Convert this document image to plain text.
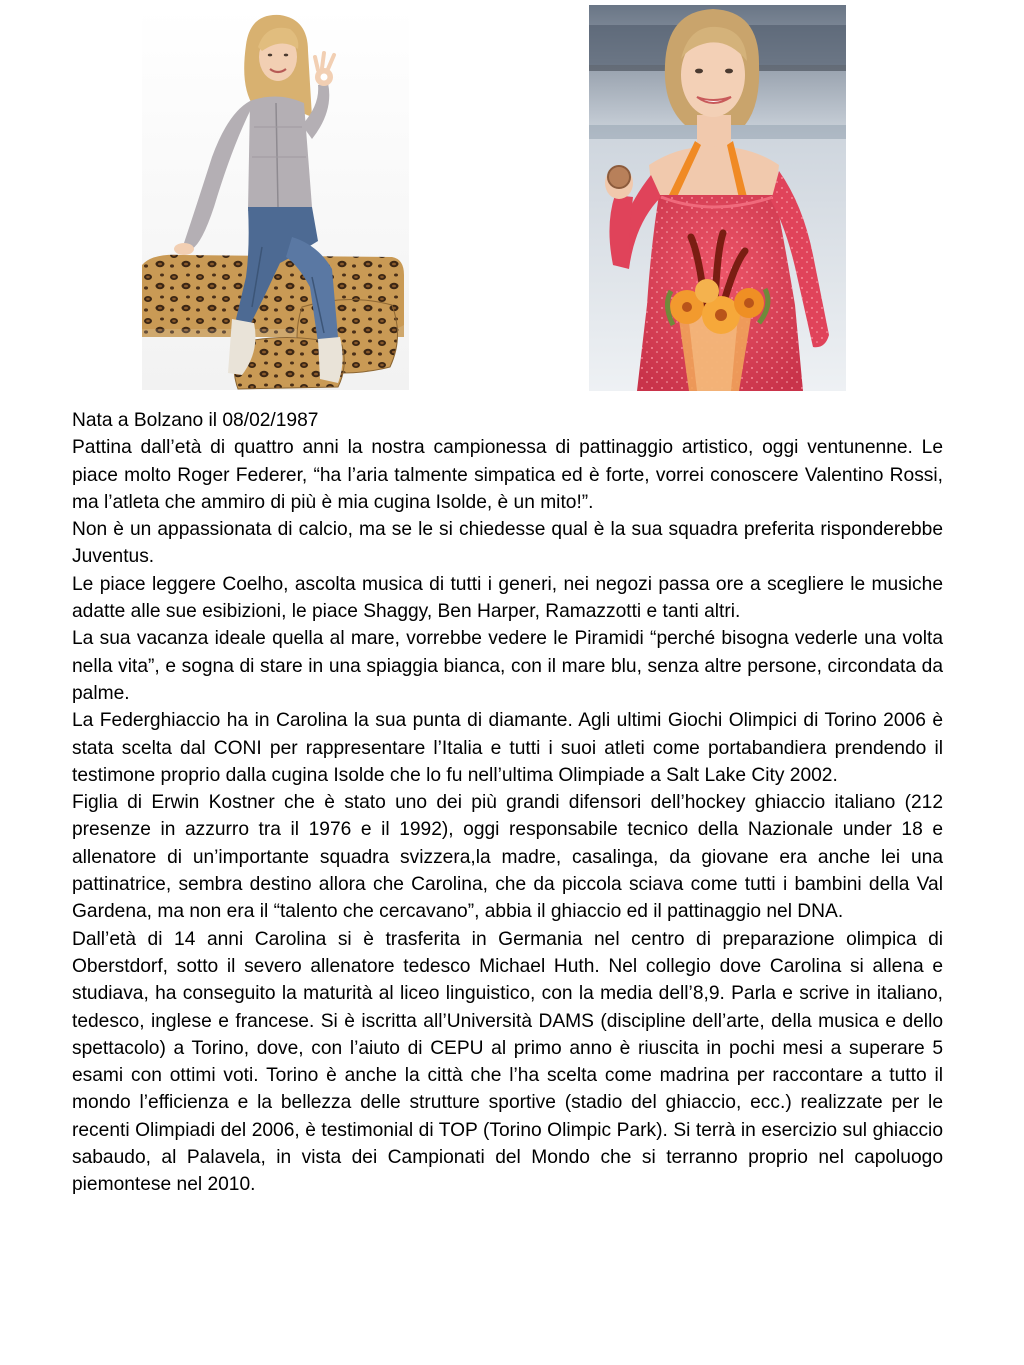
Nata a Bolzano il 08/02/1987

Pattina dall’età di quattro anni la nostra campionessa di pattinaggio artistico, oggi ventunenne. Le piace molto Roger Federer, “ha l’aria talmente simpatica ed è forte, vorrei conoscere Valentino Rossi, ma l’atleta che ammiro di più è mia cugina Isolde, è un mito!”.

Non è un appassionata di calcio, ma se le si chiedesse qual è la sua squadra preferita risponderebbe Juventus.

Le piace leggere Coelho, ascolta musica di tutti i generi, nei negozi passa ore a scegliere le musiche adatte alle sue esibizioni, le piace Shaggy, Ben Harper, Ramazzotti e tanti altri.

La sua vacanza ideale quella al mare, vorrebbe vedere le Piramidi “perché bisogna vederle una volta nella vita”, e sogna di stare in una spiaggia bianca, con il mare blu, senza altre persone, circondata da palme.

La Federghiaccio ha in Carolina la sua punta di diamante. Agli ultimi Giochi Olimpici di Torino 2006 è stata scelta dal CONI per rappresentare l’Italia e tutti i suoi atleti come portabandiera prendendo il testimone proprio dalla cugina Isolde che lo fu nell’ultima Olimpiade a Salt Lake City 2002.

Figlia di Erwin Kostner che è stato uno dei più grandi difensori dell’hockey ghiaccio italiano (212 presenze in azzurro tra il 1976 e il 1992), oggi responsabile tecnico della Nazionale under 18 e allenatore di un’importante squadra svizzera,la madre, casalinga, da giovane era anche lei una pattinatrice, sembra destino allora che Carolina, che da piccola sciava come tutti i bambini della Val Gardena, ma non era il “talento che cercavano”, abbia il ghiaccio ed il pattinaggio nel DNA.

Dall’età di 14 anni Carolina si è trasferita in Germania nel centro di preparazione olimpica di Oberstdorf, sotto il severo allenatore tedesco Michael Huth. Nel collegio dove Carolina si allena e studiava, ha conseguito la maturità al liceo linguistico, con la media dell’8,9. Parla e scrive in italiano, tedesco, inglese e francese. Si è iscritta all’Università DAMS (discipline dell’arte, della musica e dello spettacolo) a Torino, dove, con l’aiuto di CEPU al primo anno è riuscita in pochi mesi a superare 5 esami con ottimi voti. Torino è anche la città che l’ha scelta come madrina per raccontare a tutto il mondo l’efficienza e la bellezza delle strutture sportive (stadio del ghiaccio, ecc.) realizzate per le recenti Olimpiadi del 2006, è testimonial di TOP (Torino Olimpic Park). Si terrà in esercizio sul ghiaccio sabaudo, al Palavela, in vista dei Campionati del Mondo che si terranno proprio nel capoluogo piemontese nel 2010.
